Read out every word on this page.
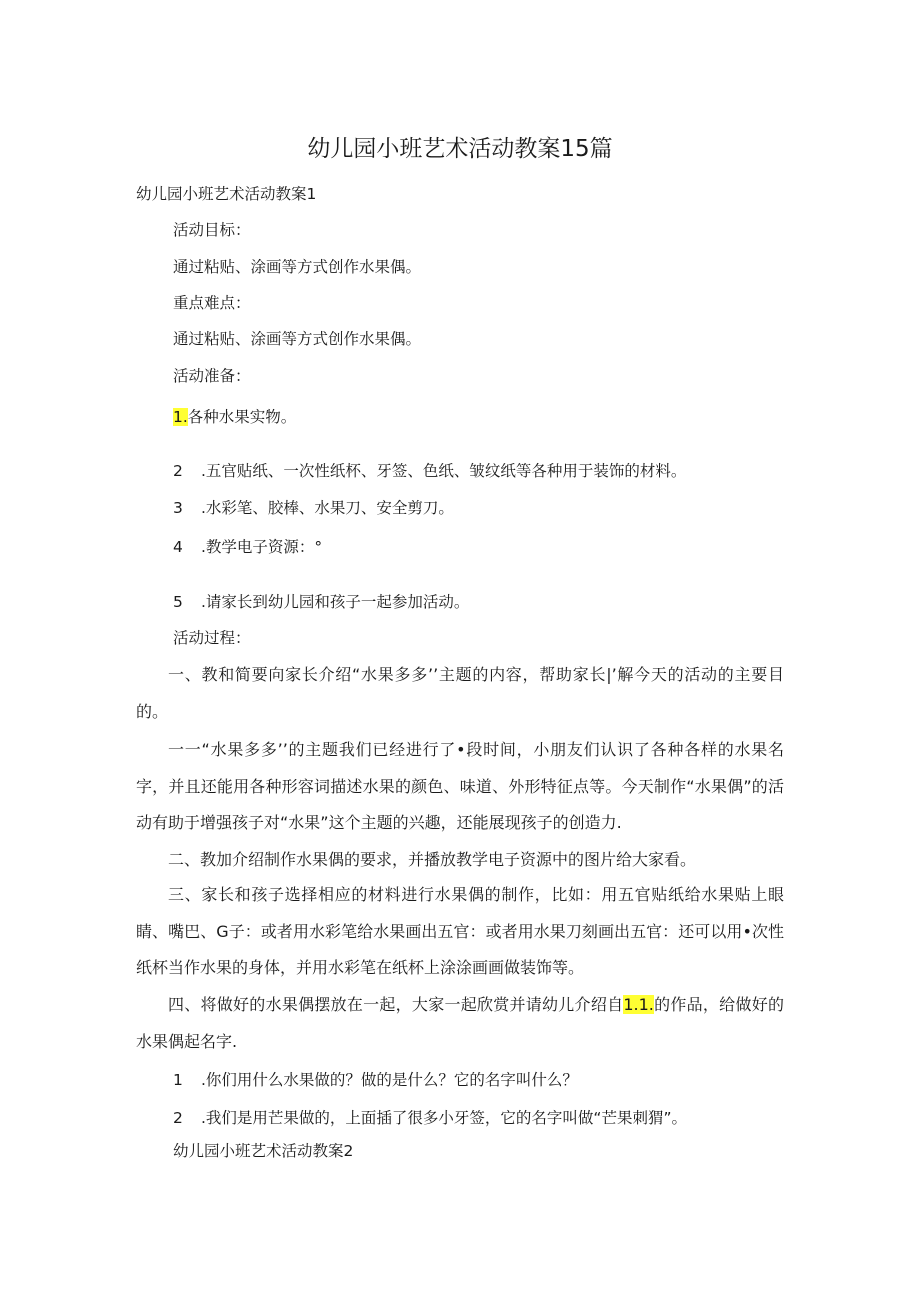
幼儿园小班艺术活动教案15篇
幼儿园小班艺术活动教案1
活动目标：
通过粘贴、涂画等方式创作水果偶。
重点难点：
通过粘贴、涂画等方式创作水果偶。
活动准备：
1.各种水果实物。
2 .五官贴纸、一次性纸杯、牙签、色纸、皱纹纸等各种用于装饰的材料。
3 .水彩笔、胶棒、水果刀、安全剪刀。
4 .教学电子资源：°
5 .请家长到幼儿园和孩子一起参加活动。
活动过程：
一、教和简要向家长介绍“水果多多’’主题的内容，帮助家长|’解今天的活动的主要目的。
一一“水果多多’’的主题我们已经进行了•段时间，小朋友们认识了各种各样的水果名字，并且还能用各种形容词描述水果的颜色、味道、外形特征点等。今天制作“水果偶”的活动有助于增强孩子对“水果”这个主题的兴趣，还能展现孩子的创造力.
二、教加介绍制作水果偶的要求，并播放教学电子资源中的图片给大家看。
三、家长和孩子选择相应的材料进行水果偶的制作，比如：用五官贴纸给水果贴上眼睛、嘴巴、G子：或者用水彩笔给水果画出五官：或者用水果刀刻画出五官：还可以用•次性纸杯当作水果的身体，并用水彩笔在纸杯上涂涂画画做装饰等。
四、将做好的水果偶摆放在一起，大家一起欣赏并请幼儿介绍自1.1.的作品，给做好的水果偶起名字.
1 .你们用什么水果做的？做的是什么？它的名字叫什么？
2 .我们是用芒果做的，上面插了很多小牙签，它的名字叫做“芒果刺猬”。
幼儿园小班艺术活动教案2
